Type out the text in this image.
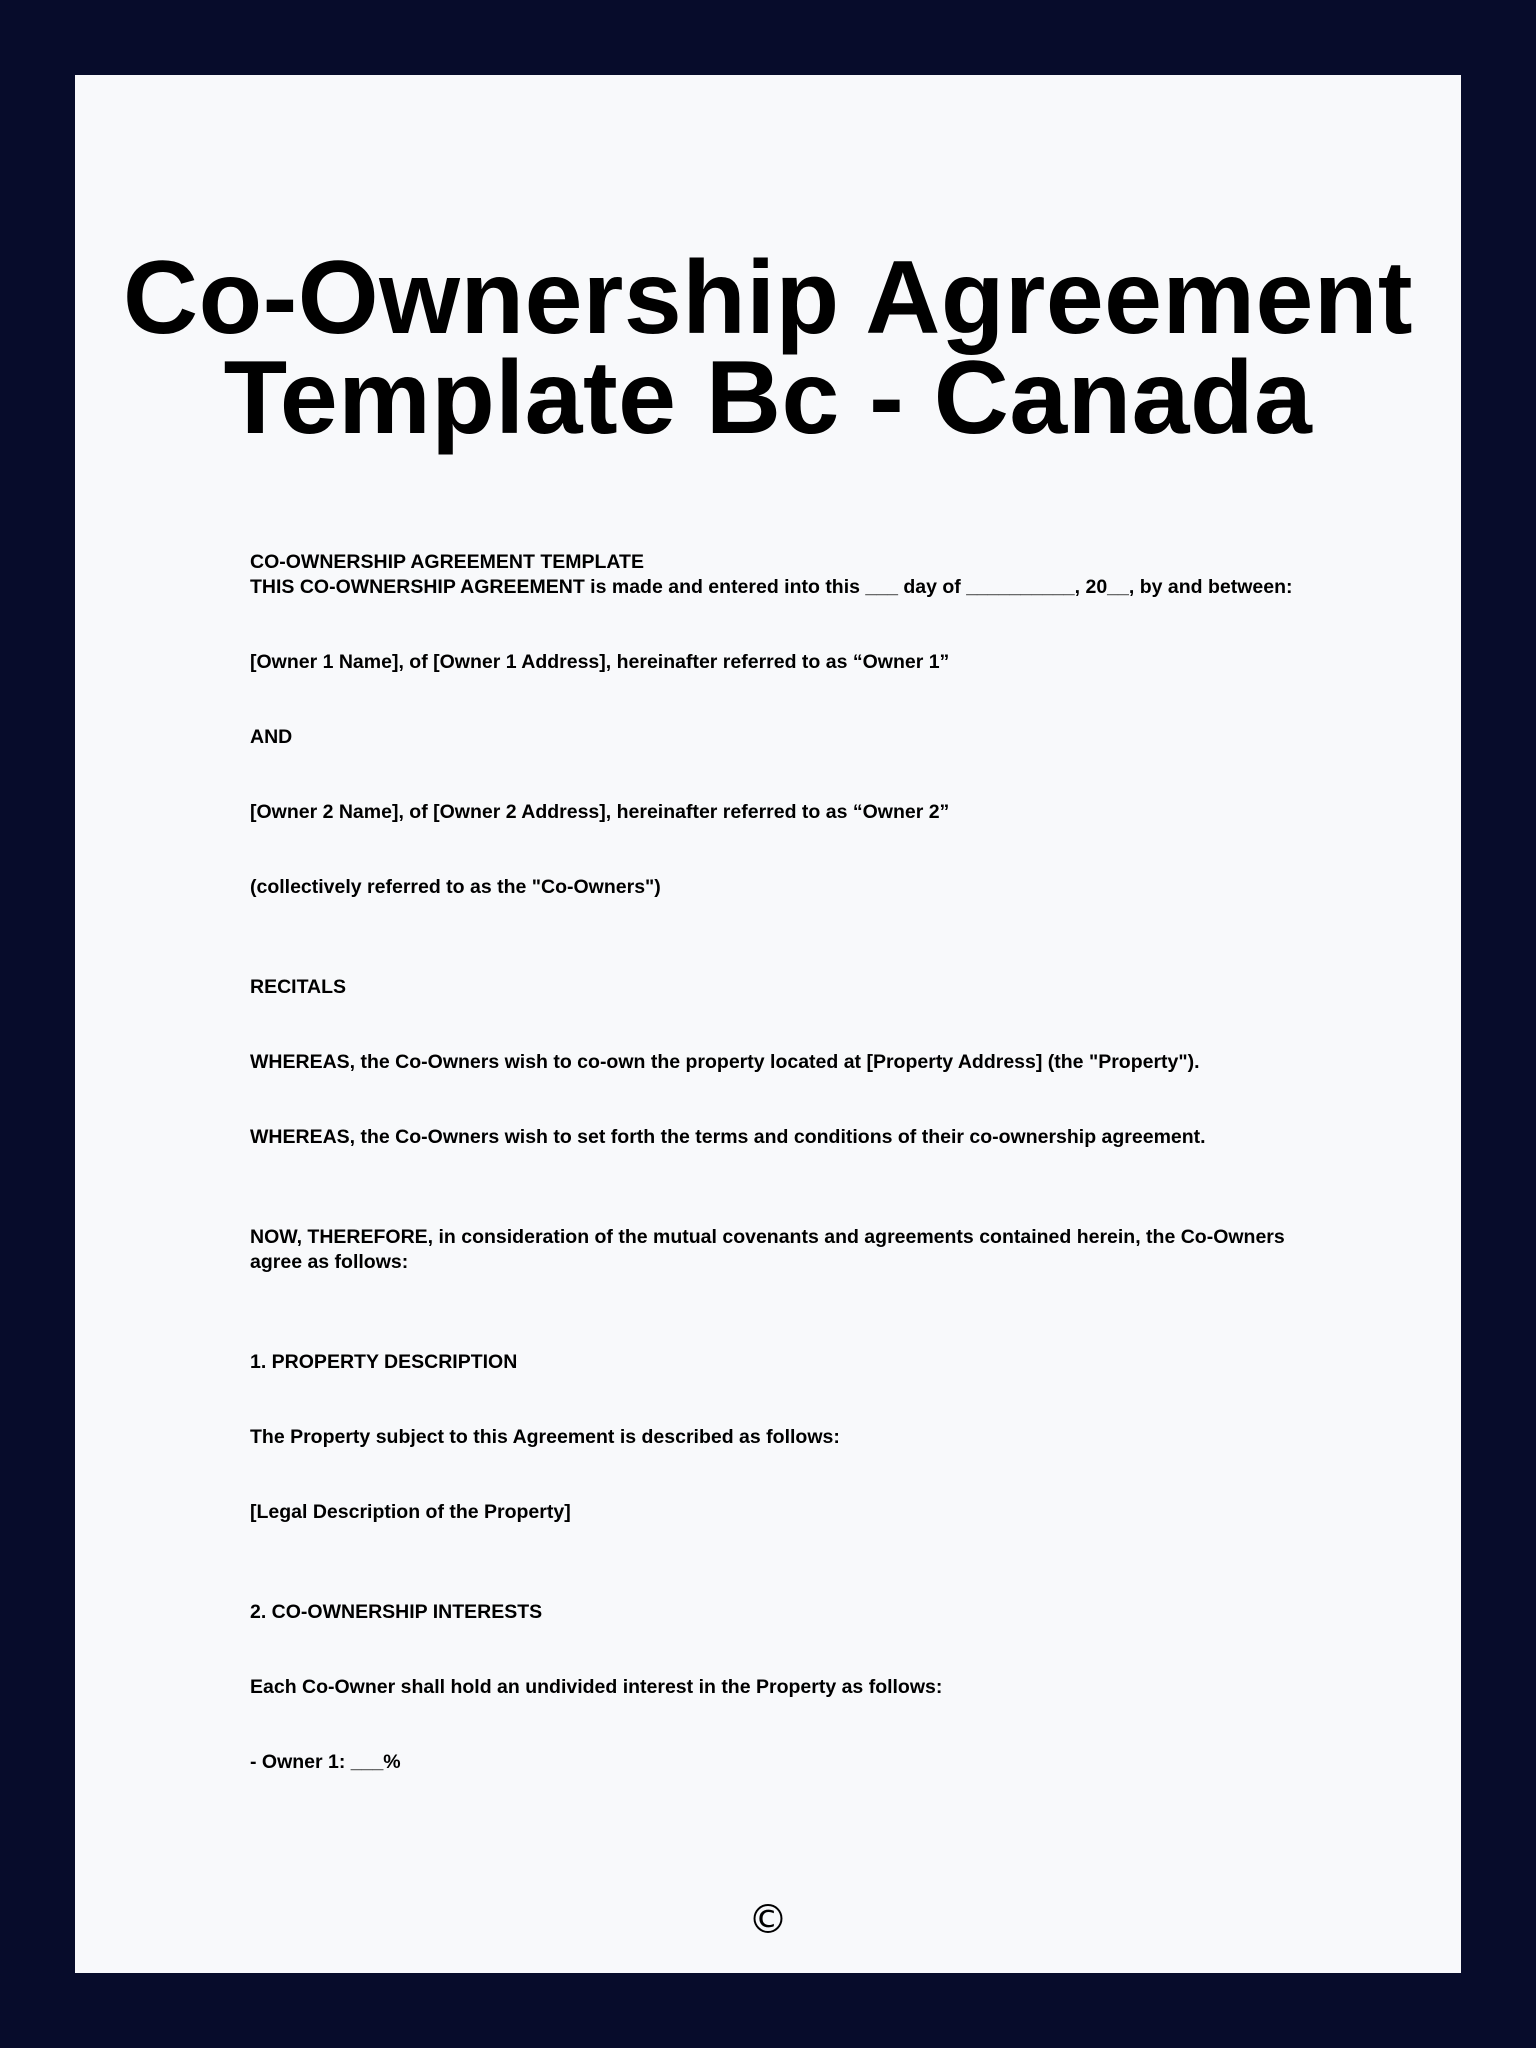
Co-Ownership Agreement
Template Bc - Canada

CO-OWNERSHIP AGREEMENT TEMPLATE

THIS CO-OWNERSHIP AGREEMENT is made and entered into this ___ day of __________, 20__, by and between:

[Owner 1 Name], of [Owner 1 Address], hereinafter referred to as “Owner 1”

AND

[Owner 2 Name], of [Owner 2 Address], hereinafter referred to as “Owner 2”

(collectively referred to as the "Co-Owners")

RECITALS

WHEREAS, the Co-Owners wish to co-own the property located at [Property Address] (the "Property").

WHEREAS, the Co-Owners wish to set forth the terms and conditions of their co-ownership agreement.

NOW, THEREFORE, in consideration of the mutual covenants and agreements contained herein, the Co-Owners agree as follows:

1. PROPERTY DESCRIPTION

The Property subject to this Agreement is described as follows:

[Legal Description of the Property]

2. CO-OWNERSHIP INTERESTS

Each Co-Owner shall hold an undivided interest in the Property as follows:

- Owner 1: ___%

©
